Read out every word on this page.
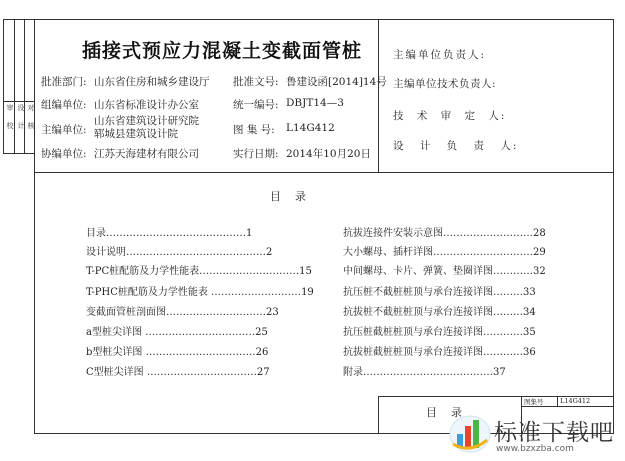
审
校
设
计
对
核
插接式预应力混凝土变截面管桩
批准部门: 山东省住房和城乡建设厅 批准文号: 鲁建设函[2014]14号
组编单位: 山东省标准设计办公室	统一编号: DBJT14—3
主编单位:
山东省建筑设计研究院
郓城县建筑设计院	图 集 号: L14G412
协编单位: 江苏天海建材有限公司	实行日期: 2014年10月20日
主编单位负责人:
主编单位技术负责人:
技 术 审 定 人:
设 计 负 责 人:
目    录
目录……………………………………1
设计说明……………………………………2
T-PC桩配筋及力学性能表…………………………15
T-PHC桩配筋及力学性能表 ………………………19
变截面管桩剖面图…………………………23
a型桩尖详图 ……………………………25
b型桩尖详图 ……………………………26
C型桩尖详图 ……………………………27
抗拔连接件安装示意图………………………28
大小螺母、插杆详图…………………………29
中间螺母、卡片、弹簧、垫圈详图…………32
抗压桩不截桩桩顶与承台连接详图………33
抗拔桩不截桩桩顶与承台连接详图………34
抗压桩截桩桩顶与承台连接详图…………35
抗拔桩截桩桩顶与承台连接详图…………36
附录…………………………………37
目    录
图集号	L14G412
标准下载吧
www.bzxzba.com
